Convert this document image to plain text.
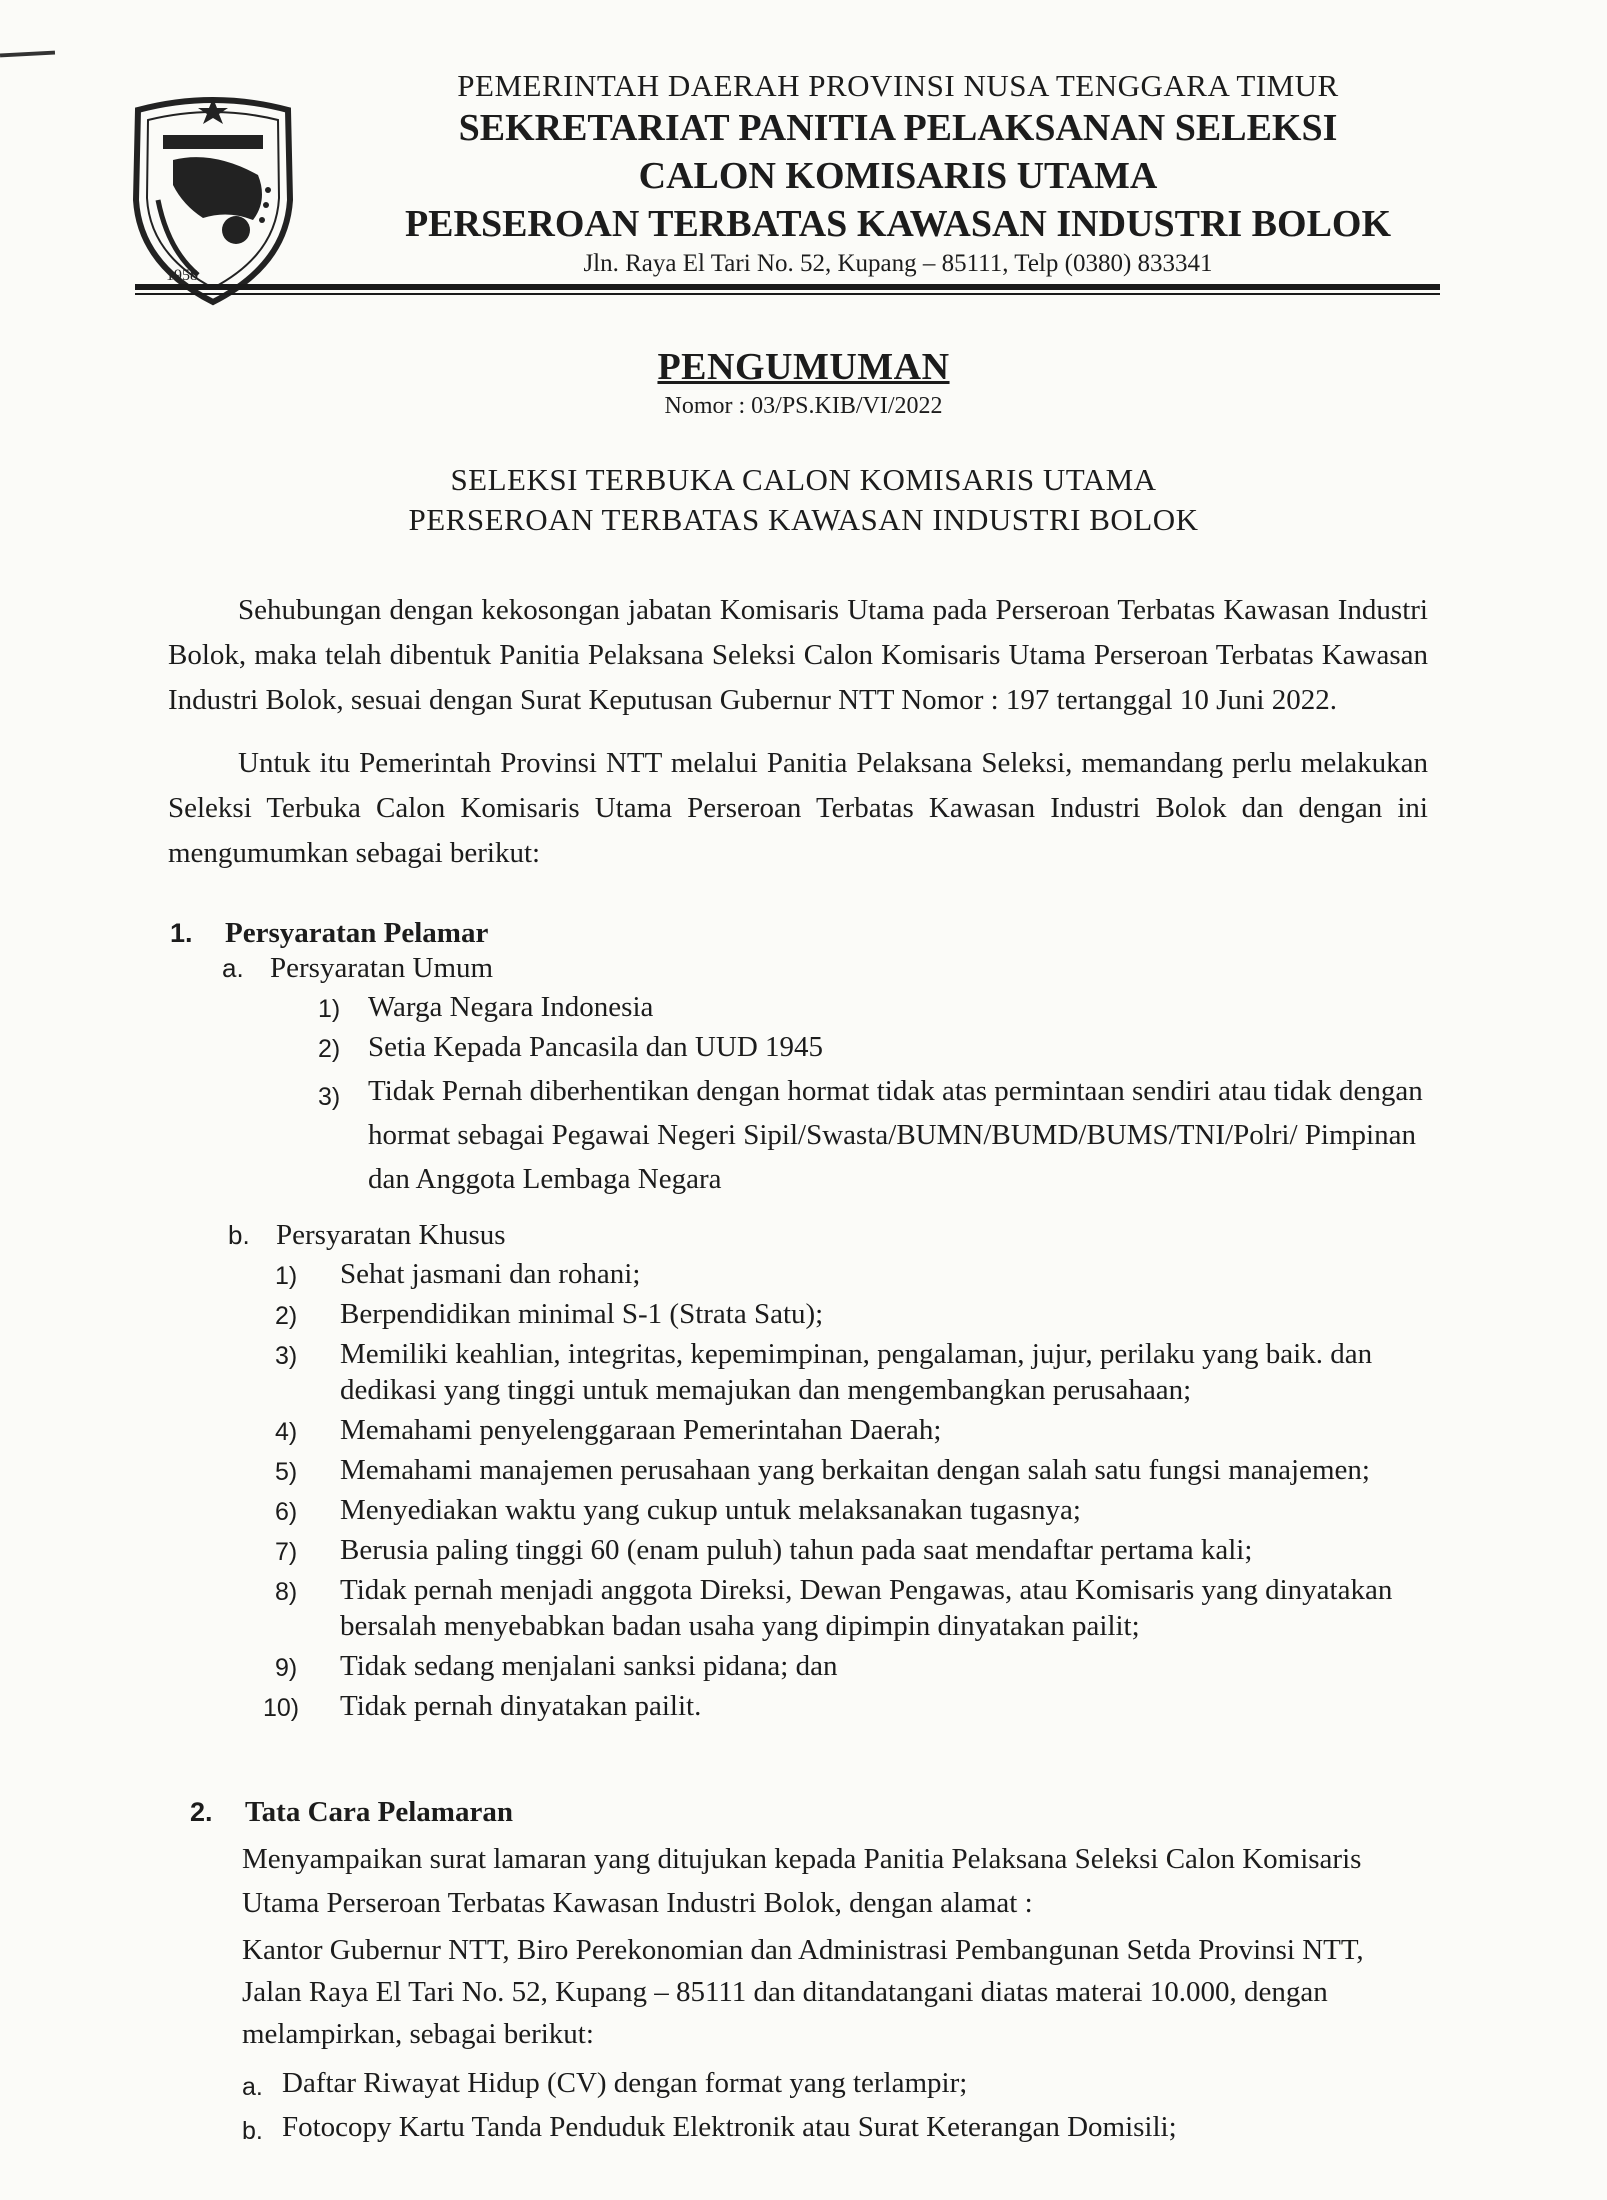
1958
PEMERINTAH DAERAH PROVINSI NUSA TENGGARA TIMUR
SEKRETARIAT PANITIA PELAKSANAN SELEKSI
CALON KOMISARIS UTAMA
PERSEROAN TERBATAS KAWASAN INDUSTRI BOLOK
Jln. Raya El Tari No. 52, Kupang – 85111, Telp (0380) 833341
PENGUMUMAN
Nomor : 03/PS.KIB/VI/2022
SELEKSI TERBUKA CALON KOMISARIS UTAMA
PERSEROAN TERBATAS KAWASAN INDUSTRI BOLOK

Sehubungan dengan kekosongan jabatan Komisaris Utama pada Perseroan Terbatas Kawasan Industri Bolok, maka telah dibentuk Panitia Pelaksana Seleksi Calon Komisaris Utama Perseroan Terbatas Kawasan Industri Bolok, sesuai dengan Surat Keputusan Gubernur NTT Nomor : 197 tertanggal 10 Juni 2022.

Untuk itu Pemerintah Provinsi NTT melalui Panitia Pelaksana Seleksi, memandang perlu melakukan Seleksi Terbuka Calon Komisaris Utama Perseroan Terbatas Kawasan Industri Bolok dan dengan ini mengumumkan sebagai berikut:

1. Persyaratan Pelamar
a. Persyaratan Umum
1) Warga Negara Indonesia
2) Setia Kepada Pancasila dan UUD 1945
3) Tidak Pernah diberhentikan dengan hormat tidak atas permintaan sendiri atau tidak dengan hormat sebagai Pegawai Negeri Sipil/Swasta/BUMN/BUMD/BUMS/TNI/Polri/ Pimpinan dan Anggota Lembaga Negara
b. Persyaratan Khusus
1) Sehat jasmani dan rohani;
2) Berpendidikan minimal S-1 (Strata Satu);
3) Memiliki keahlian, integritas, kepemimpinan, pengalaman, jujur, perilaku yang baik. dan dedikasi yang tinggi untuk memajukan dan mengembangkan perusahaan;
4) Memahami penyelenggaraan Pemerintahan Daerah;
5) Memahami manajemen perusahaan yang berkaitan dengan salah satu fungsi manajemen;
6) Menyediakan waktu yang cukup untuk melaksanakan tugasnya;
7) Berusia paling tinggi 60 (enam puluh) tahun pada saat mendaftar pertama kali;
8) Tidak pernah menjadi anggota Direksi, Dewan Pengawas, atau Komisaris yang dinyatakan bersalah menyebabkan badan usaha yang dipimpin dinyatakan pailit;
9) Tidak sedang menjalani sanksi pidana; dan
10) Tidak pernah dinyatakan pailit.
2. Tata Cara Pelamaran
Menyampaikan surat lamaran yang ditujukan kepada Panitia Pelaksana Seleksi Calon Komisaris Utama Perseroan Terbatas Kawasan Industri Bolok, dengan alamat :
Kantor Gubernur NTT, Biro Perekonomian dan Administrasi Pembangunan Setda Provinsi NTT, Jalan Raya El Tari No. 52, Kupang – 85111 dan ditandatangani diatas materai 10.000, dengan melampirkan, sebagai berikut:
a. Daftar Riwayat Hidup (CV) dengan format yang terlampir;
b. Fotocopy Kartu Tanda Penduduk Elektronik atau Surat Keterangan Domisili;
